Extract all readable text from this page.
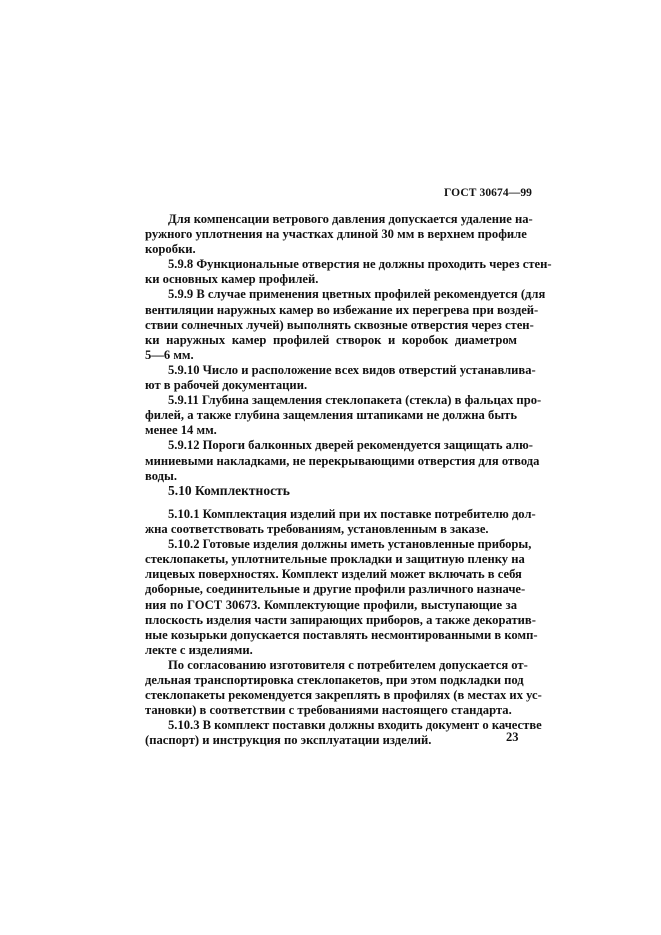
ГОСТ 30674—99
Для компенсации ветрового давления допускается удаление на-
ружного уплотнения на участках длиной 30 мм в верхнем профиле
коробки.
5.9.8 Функциональные отверстия не должны проходить через стен-
ки основных камер профилей.
5.9.9 В случае применения цветных профилей рекомендуется (для
вентиляции наружных камер во избежание их перегрева при воздей-
ствии солнечных лучей) выполнять сквозные отверстия через стен-
ки наружных камер профилей створок и коробок диаметром
5—6 мм.
5.9.10 Число и расположение всех видов отверстий устанавлива-
ют в рабочей документации.
5.9.11 Глубина защемления стеклопакета (стекла) в фальцах про-
филей, а также глубина защемления штапиками не должна быть
менее 14 мм.
5.9.12 Пороги балконных дверей рекомендуется защищать алю-
миниевыми накладками, не перекрывающими отверстия для отвода
воды.
5.10 Комплектность
5.10.1 Комплектация изделий при их поставке потребителю дол-
жна соответствовать требованиям, установленным в заказе.
5.10.2 Готовые изделия должны иметь установленные приборы,
стеклопакеты, уплотнительные прокладки и защитную пленку на
лицевых поверхностях. Комплект изделий может включать в себя
доборные, соединительные и другие профили различного назначе-
ния по ГОСТ 30673. Комплектующие профили, выступающие за
плоскость изделия части запирающих приборов, а также декоратив-
ные козырьки допускается поставлять несмонтированными в комп-
лекте с изделиями.
По согласованию изготовителя с потребителем допускается от-
дельная транспортировка стеклопакетов, при этом подкладки под
стеклопакеты рекомендуется закреплять в профилях (в местах их ус-
тановки) в соответствии с требованиями настоящего стандарта.
5.10.3 В комплект поставки должны входить документ о качестве
(паспорт) и инструкция по эксплуатации изделий.	23
